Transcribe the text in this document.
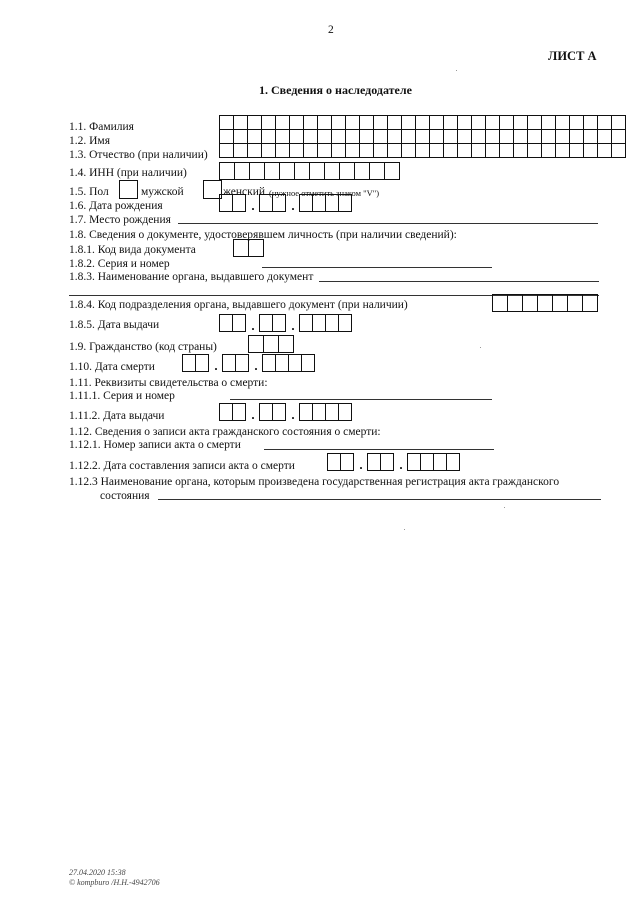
2
ЛИСТ А
1. Сведения о наследодателе
1.1. Фамилия
1.2. Имя
1.3. Отчество (при наличии)
1.4. ИНН (при наличии)
1.5. Пол	мужской	женский (нужное отметить знаком "V")
1.6. Дата рождения	.	.
1.7. Место рождения
1.8. Сведения о документе, удостоверявшем личность (при наличии сведений):
1.8.1. Код вида документа
1.8.2. Серия и номер
1.8.3. Наименование органа, выдавшего документ
1.8.4. Код подразделения органа, выдавшего документ (при наличии)
1.8.5. Дата выдачи	.	.
1.9. Гражданство (код страны)
1.10. Дата смерти	.	.
1.11. Реквизиты свидетельства о смерти:
1.11.1. Серия и номер
1.11.2. Дата выдачи	.	.
1.12. Сведения о записи акта гражданского состояния о смерти:
1.12.1. Номер записи акта о смерти
1.12.2. Дата составления записи акта о смерти	.	.
1.12.3 Наименование органа, которым произведена государственная регистрация акта гражданского
состояния
27.04.2020 15:38
© kompburo /Н.Н.-4942706
